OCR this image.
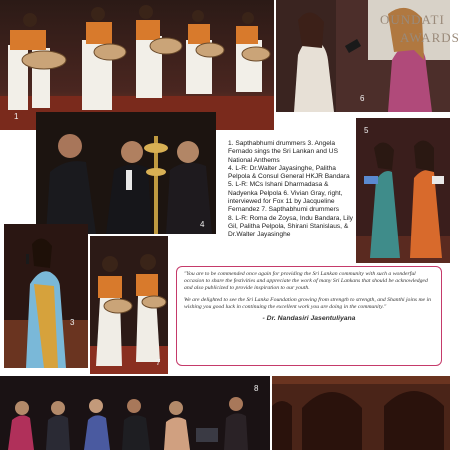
1
OUNDATI
AWARDS
6
4
5
1. Sapthabhumi drummers 3. Angela Fernado sings the Sri Lankan and US National Anthems
4. L-R: Dr.Walter Jayasinghe, Palitha Pelpola & Consul General HKJR Bandara
5. L-R: MCs Ishani Dharmadasa & Nadyenka Pelpola 6. Vivian Gray, right, interviewed for Fox 11 by Jacqueline Fernandez 7. Sapthabhumi drummers
8. L-R: Roma de Zoysa, Indu Bandara, Lily Gil, Palitha Pelpola, Shirani Stanislaus, & Dr.Walter Jayasinghe
3
7

"You are to be commended once again for providing the Sri Lankan community with such a wonderful occasion to share the festivities and appreciate the work of many Sri Lankans that should be acknowledged and also publicized to provide inspiration to our youth.

We are delighted to see the Sri Lanka Foundation growing from strength to strength, and Shanthi joins me in wishing you good luck in continuing the excellent work you are doing in the community."

- Dr. Nandasiri Jasentuliyana
8
